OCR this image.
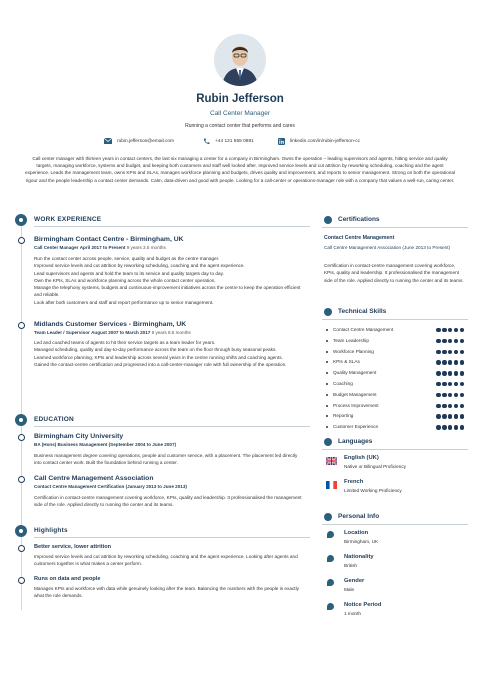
Rubin Jefferson
Call Center Manager
Running a contact center that performs and cares
rubin.jefferson@email.com	+44 121 555 0881	linkedin.com/in/rubin-jefferson-cc
Call center manager with thirteen years in contact centers, the last six managing a center for a company in Birmingham. Owns the operation – leading supervisors and agents, hitting service and quality targets, managing workforce, systems and budget, and keeping both customers and staff well looked after. Improved service levels and cut attrition by reworking scheduling, coaching and the agent experience. Leads the management team, owns KPIs and SLAs, manages workforce planning and budgets, drives quality and improvement, and reports to senior management. Strong on both the operational rigour and the people leadership a contact center demands. Calm, data-driven and good with people. Looking for a call-center or operations-manager role with a company that values a well-run, caring center.
WORK EXPERIENCE
Birmingham Contact Centre - Birmingham, UK
Call Center Manager April 2017 to Present 9 years 3.5 months
Run the contact center across people, service, quality and budget as the centre manager.
Improved service levels and cut attrition by reworking scheduling, coaching and the agent experience.
Lead supervisors and agents and hold the team to its service and quality targets day to day.
Own the KPIs, SLAs and workforce planning across the whole contact center operation.
Manage the telephony systems, budgets and continuous-improvement initiatives across the centre to keep the operation efficient and reliable.
Look after both customers and staff and report performance up to senior management.
Midlands Customer Services - Birmingham, UK
Team Leader / Supervisor August 2007 to March 2017 9 years 8.5 months
Led and coached teams of agents to hit their service targets as a team leader for years.
Managed scheduling, quality and day-to-day performance across the team on the floor through busy seasonal peaks.
Learned workforce planning, KPIs and leadership across several years in the centre running shifts and coaching agents.
Gained the contact-centre certification and progressed into a call-center-manager role with full ownership of the operation.
EDUCATION
Birmingham City University
BA (Hons) Business Management (September 2004 to June 2007)
Business management degree covering operations, people and customer service, with a placement. The placement led directly into contact center work. Built the foundation behind running a center.
Call Centre Management Association
Contact Centre Management Certification (January 2013 to June 2013)
Certification in contact-centre management covering workforce, KPIs, quality and leadership. It professionalised the management side of the role. Applied directly to running the center and its teams.
Highlights
Better service, lower attrition
Improved service levels and cut attrition by reworking scheduling, coaching and the agent experience. Looking after agents and customers together is what makes a center perform.
Runs on data and people
Manages KPIs and workforce with data while genuinely looking after the team. Balancing the numbers with the people is exactly what the role demands.
Certifications
Contact Centre Management
Call Centre Management Association (June 2013 to Present)
Certification in contact-centre management covering workforce, KPIs, quality and leadership. It professionalised the management side of the role. Applied directly to running the center and its teams.
Technical Skills
Contact Centre Management
Team Leadership
Workforce Planning
KPIs & SLAs
Quality Management
Coaching
Budget Management
Process Improvement
Reporting
Customer Experience
Languages
English (UK)
Native or Bilingual Proficiency
French
Limited Working Proficiency
Personal Info
Location
Birmingham, UK
Nationality
British
Gender
Male
Notice Period
1 month
